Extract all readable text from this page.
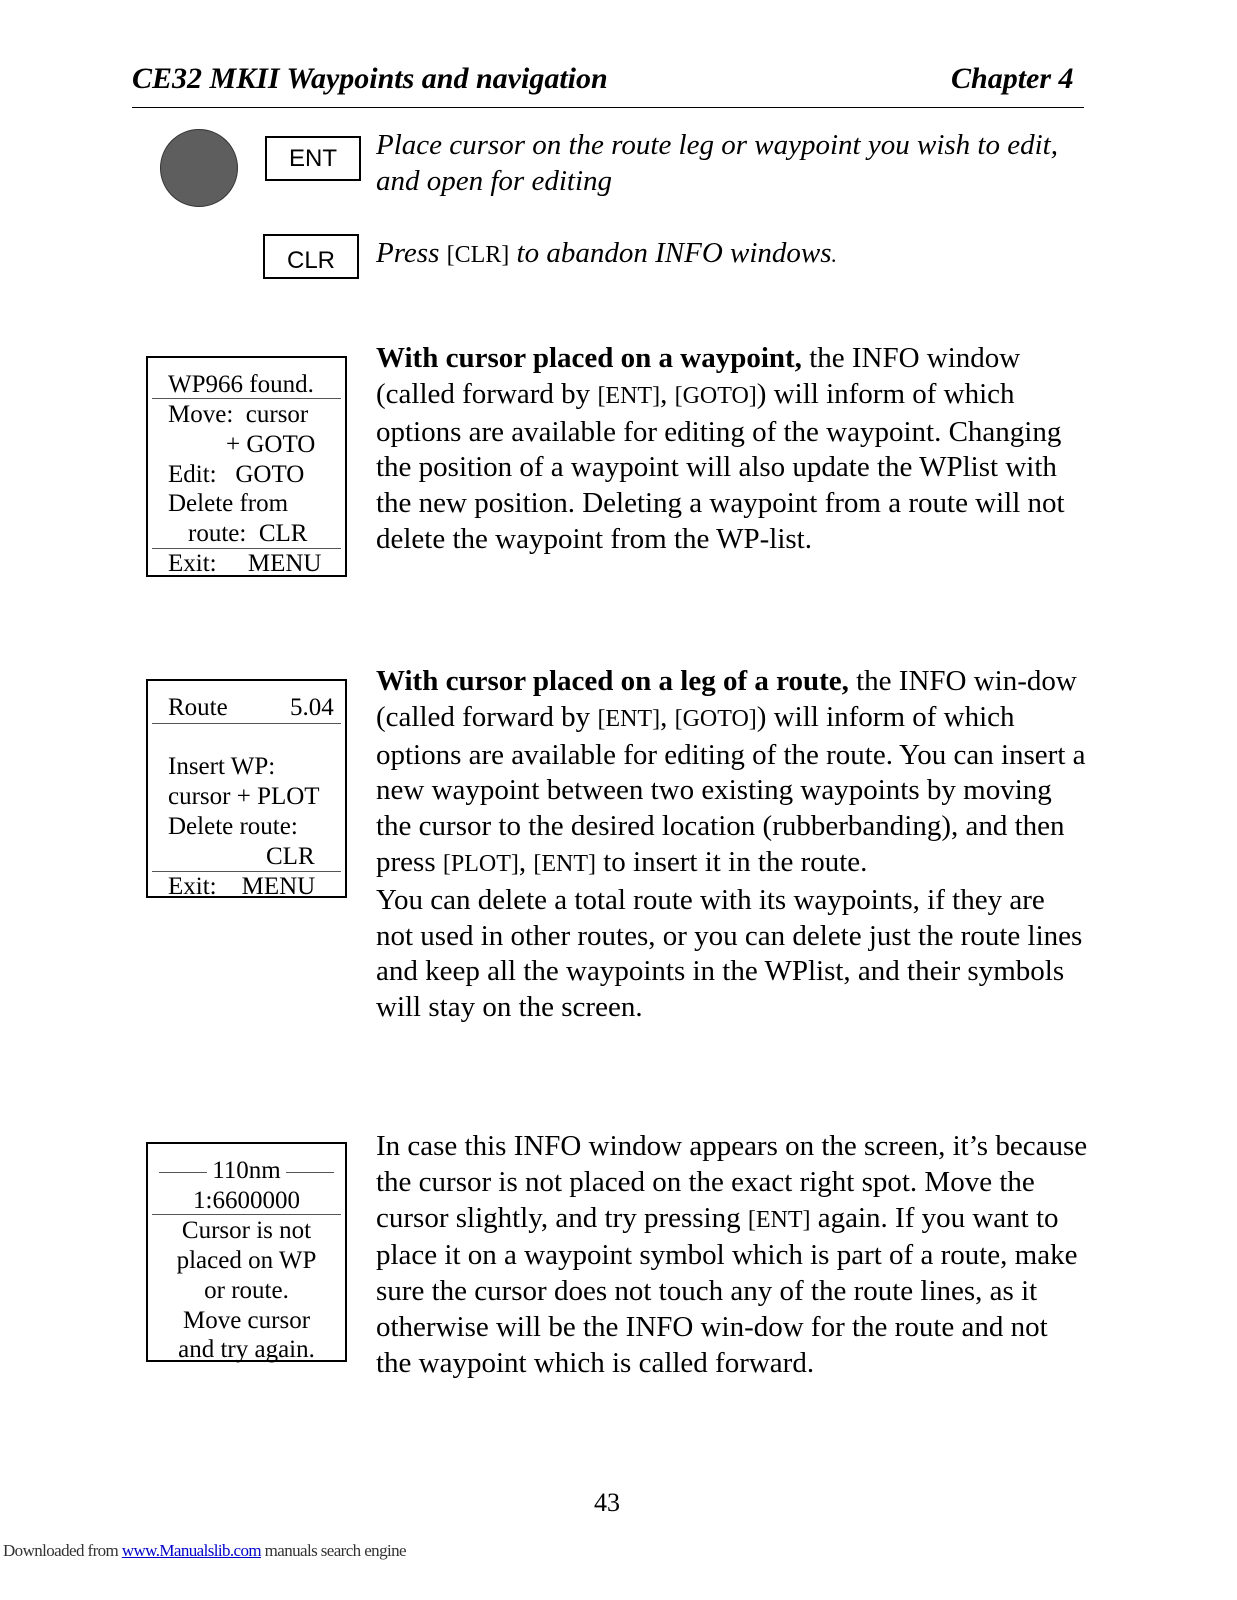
CE32 MKII Waypoints and navigation	Chapter 4
ENT	Place cursor on the route leg or waypoint you wish to edit, and open for editing
CLR	Press [CLR] to abandon INFO windows.
WP966 found.
Move:  cursor
+ GOTO
Edit:   GOTO
Delete from
route:  CLR
Exit:     MENU
With cursor placed on a waypoint, the INFO window (called forward by [ENT], [GOTO]) will inform of which options are available for editing of the waypoint. Changing the position of a waypoint will also update the WPlist with the new position. Deleting a waypoint from a route will not delete the waypoint from the WP-list.
Route 5.04
Insert WP:
cursor + PLOT
Delete route:
CLR
Exit:    MENU
With cursor placed on a leg of a route, the INFO win-dow (called forward by [ENT], [GOTO]) will inform of which options are available for editing of the route. You can insert a new waypoint between two existing waypoints by moving the cursor to the desired location (rubberbanding), and then press [PLOT], [ENT] to insert it in the route.
You can delete a total route with its waypoints, if they are not used in other routes, or you can delete just the route lines and keep all the waypoints in the WPlist, and their symbols will stay on the screen.
110nm
1:6600000
Cursor is not
placed on WP
or route.
Move cursor
and try again.
In case this INFO window appears on the screen, it’s because the cursor is not placed on the exact right spot. Move the cursor slightly, and try pressing [ENT] again. If you want to place it on a waypoint symbol which is part of a route, make sure the cursor does not touch any of the route lines, as it otherwise will be the INFO win-dow for the route and not the waypoint which is called forward.
43
Downloaded from www.Manualslib.com manuals search engine
